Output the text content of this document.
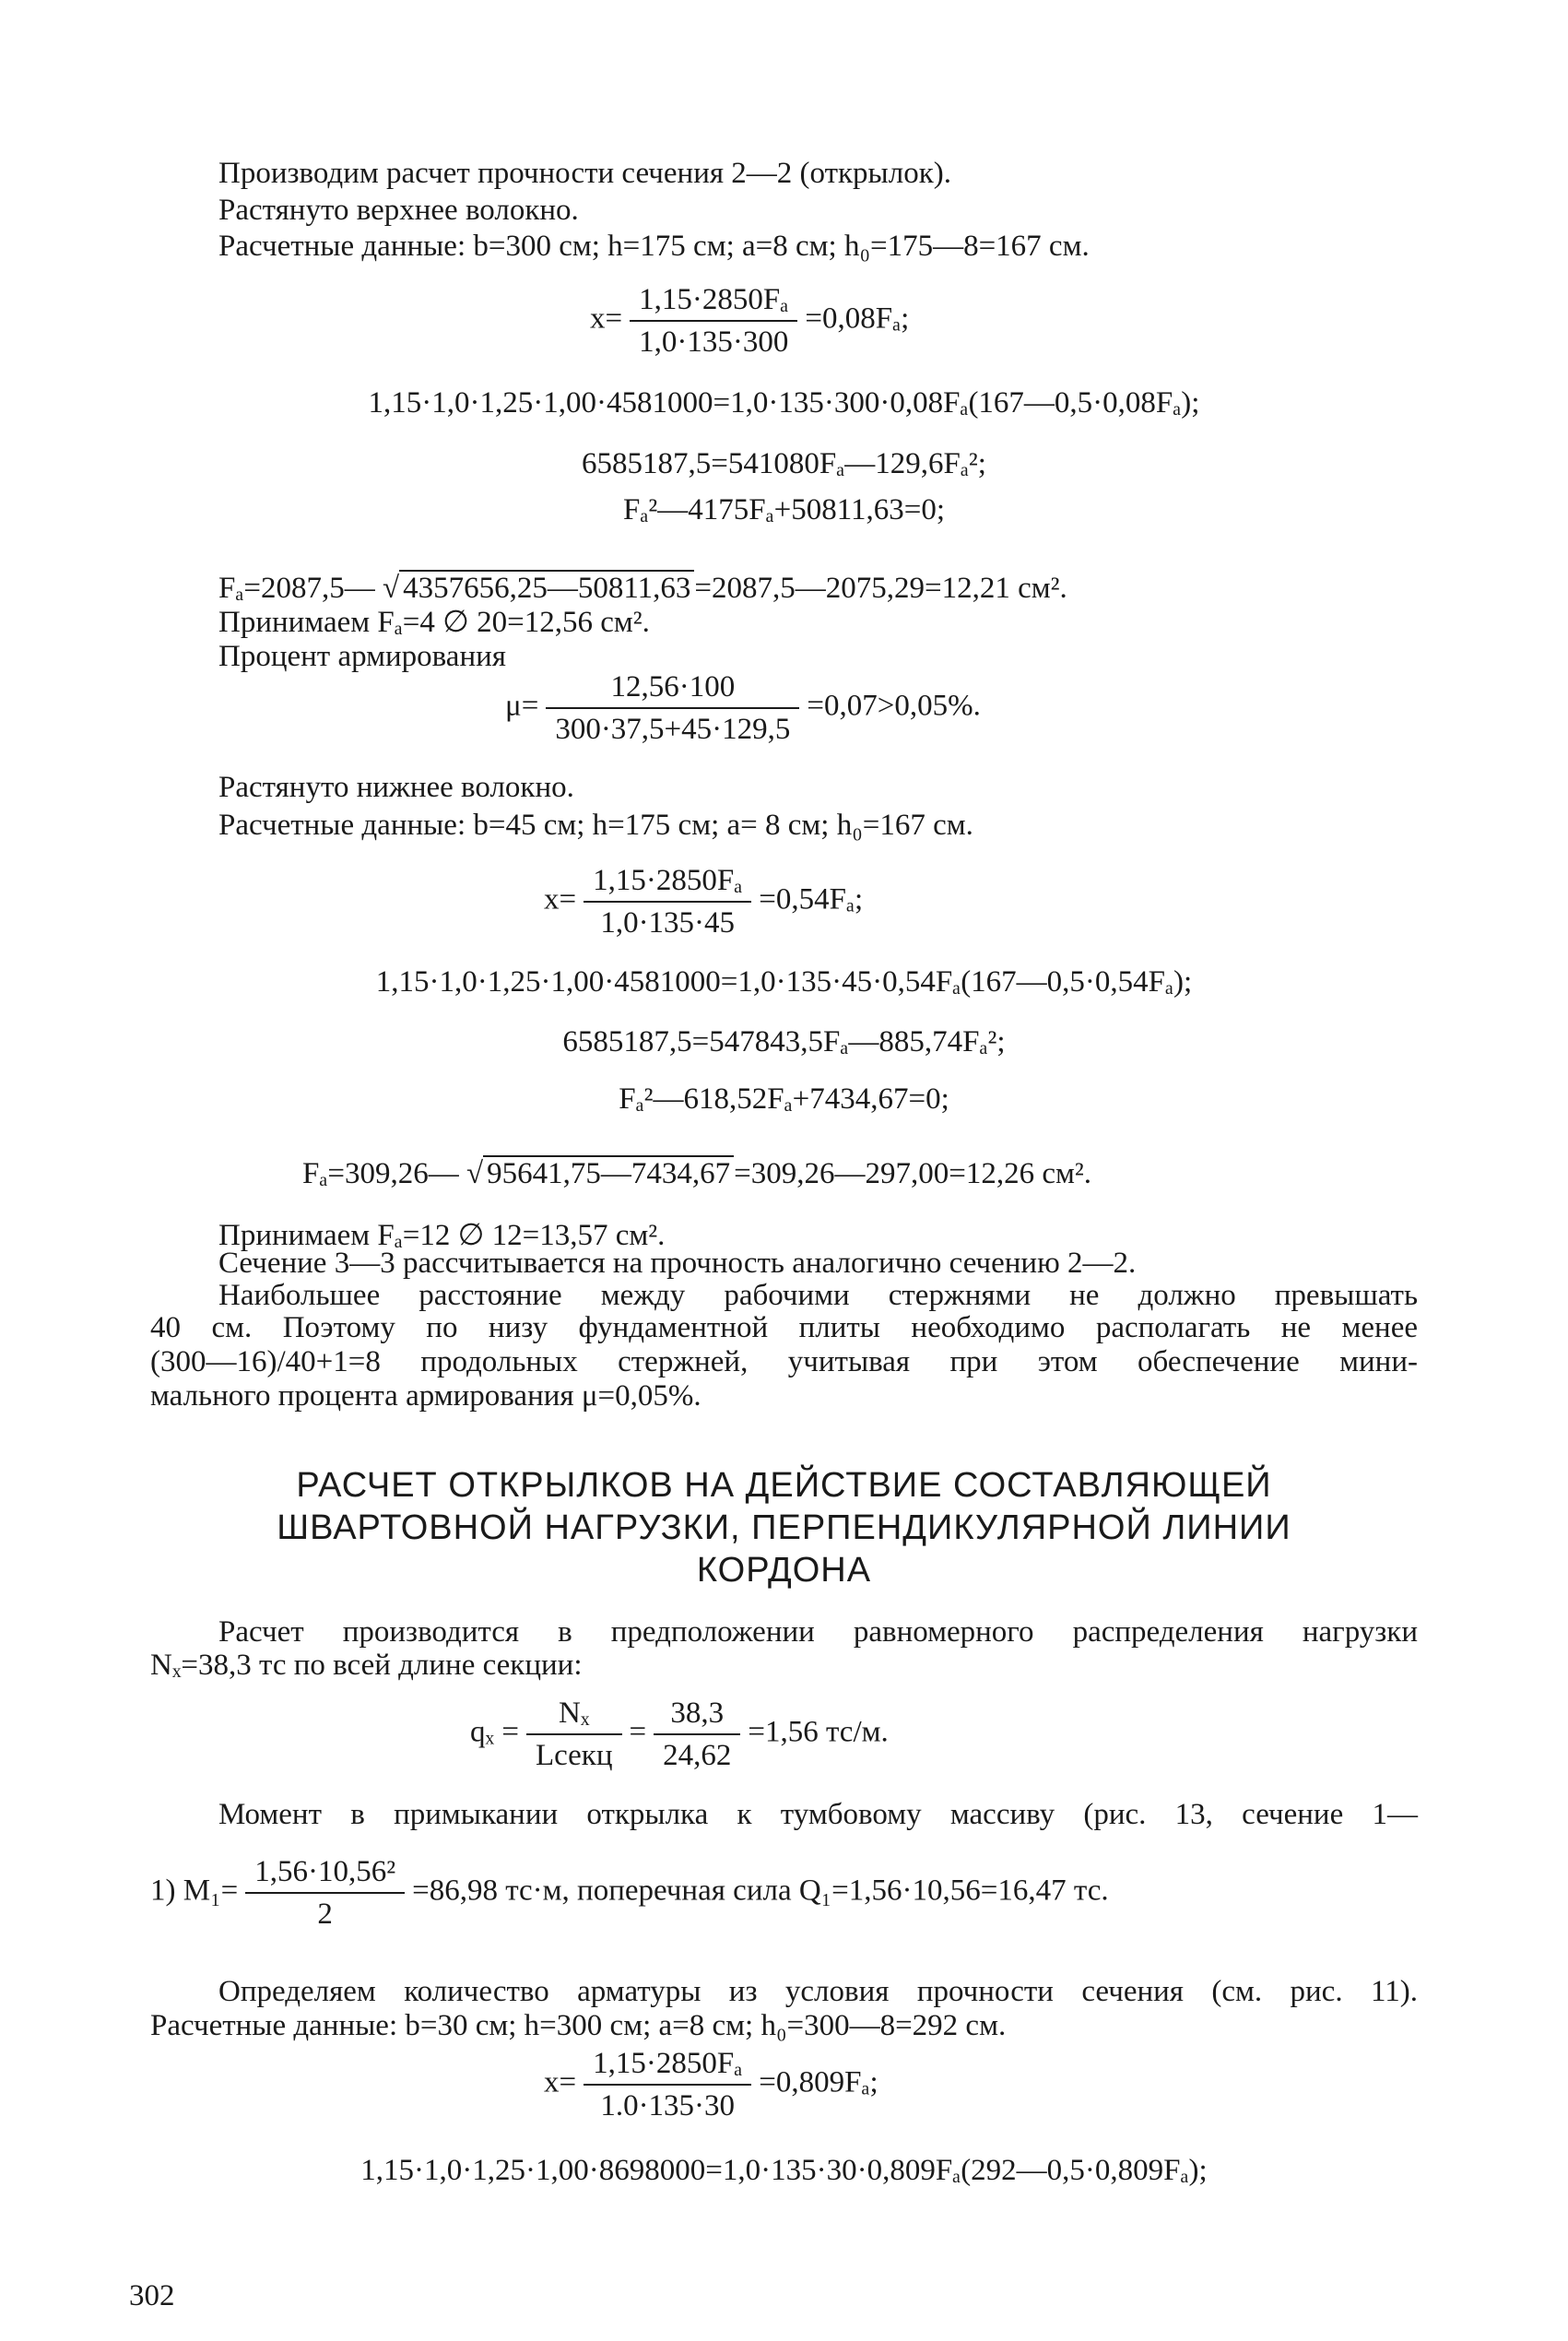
Производим расчет прочности сечения 2—2 (открылок).
Растянуто верхнее волокно.
Расчетные данные: b=300 см; h=175 см; a=8 см; h₀=175—8=167 см.
$x= \frac{\text{1,15·2850Fₐ}}{1,0\cdot 135\cdot 300} =0,08F_a$;
1,15·1,0·1,25·1,00·4581000=1,0·135·300·0,08Fₐ(167—0,5·0,08Fₐ);
6585187,5=541080Fₐ—129,6Fₐ²;
Fₐ²—4175Fₐ+50811,63=0;
Fₐ=2087,5— √ 4357656,25—50811,63 =2087,5—2075,29=12,21 см².
Принимаем Fₐ=4 ∅ 20=12,56 см².
Процент армирования
$\mu= \frac{12,56\cdot 100}{300\cdot 37,5+45\cdot 129,5} =0,07>0,05\%$.
Растянуто нижнее волокно.
Расчетные данные: b=45 см; h=175 см; a= 8 см; h₀=167 см.
$x= \frac{\text{1,15·2850Fₐ}}{1,0\cdot 135\cdot 45} =0,54F_a$;
1,15·1,0·1,25·1,00·4581000=1,0·135·45·0,54Fₐ(167—0,5·0,54Fₐ);
6585187,5=547843,5Fₐ—885,74Fₐ²;
Fₐ²—618,52Fₐ+7434,67=0;
Fₐ=309,26— √ 95641,75—7434,67 =309,26—297,00=12,26 см².
Принимаем Fₐ=12 ∅ 12=13,57 см².
Сечение 3—3 рассчитывается на прочность аналогично сечению 2—2.
Наибольшее расстояние между рабочими стержнями не должно превышать
40 см. Поэтому по низу фундаментной плиты необходимо располагать не менее
(300—16)/40+1=8 продольных стержней, учитывая при этом обеспечение мини-
мального процента армирования μ=0,05%.
РАСЧЕТ ОТКРЫЛКОВ НА ДЕЙСТВИЕ СОСТАВЛЯЮЩЕЙ
ШВАРТОВНОЙ НАГРУЗКИ, ПЕРПЕНДИКУЛЯРНОЙ ЛИНИИ
КОРДОНА
Расчет производится в предположении равномерного распределения нагрузки
Nₓ=38,3 тс по всей длине секции:
$q_x = \frac{\text{Nₓ}}{\text{Lсекц}} = \frac{38,3}{24,62} =1,56$ тс/м.
Момент в примыкании открылка к тумбовому массиву (рис. 13, сечение 1—
1) $M_1= \frac{\text{1,56·10,56²}}{2} =86,98$ тс·м, поперечная сила Q₁=1,56·10,56=16,47 тс.
Определяем количество арматуры из условия прочности сечения (см. рис. 11).
Расчетные данные: b=30 см; h=300 см; a=8 см; h₀=300—8=292 см.
$x= \frac{\text{1,15·2850Fₐ}}{1.0\cdot 135\cdot 30} =0,809F_a$;
1,15·1,0·1,25·1,00·8698000=1,0·135·30·0,809Fₐ(292—0,5·0,809Fₐ);
302
